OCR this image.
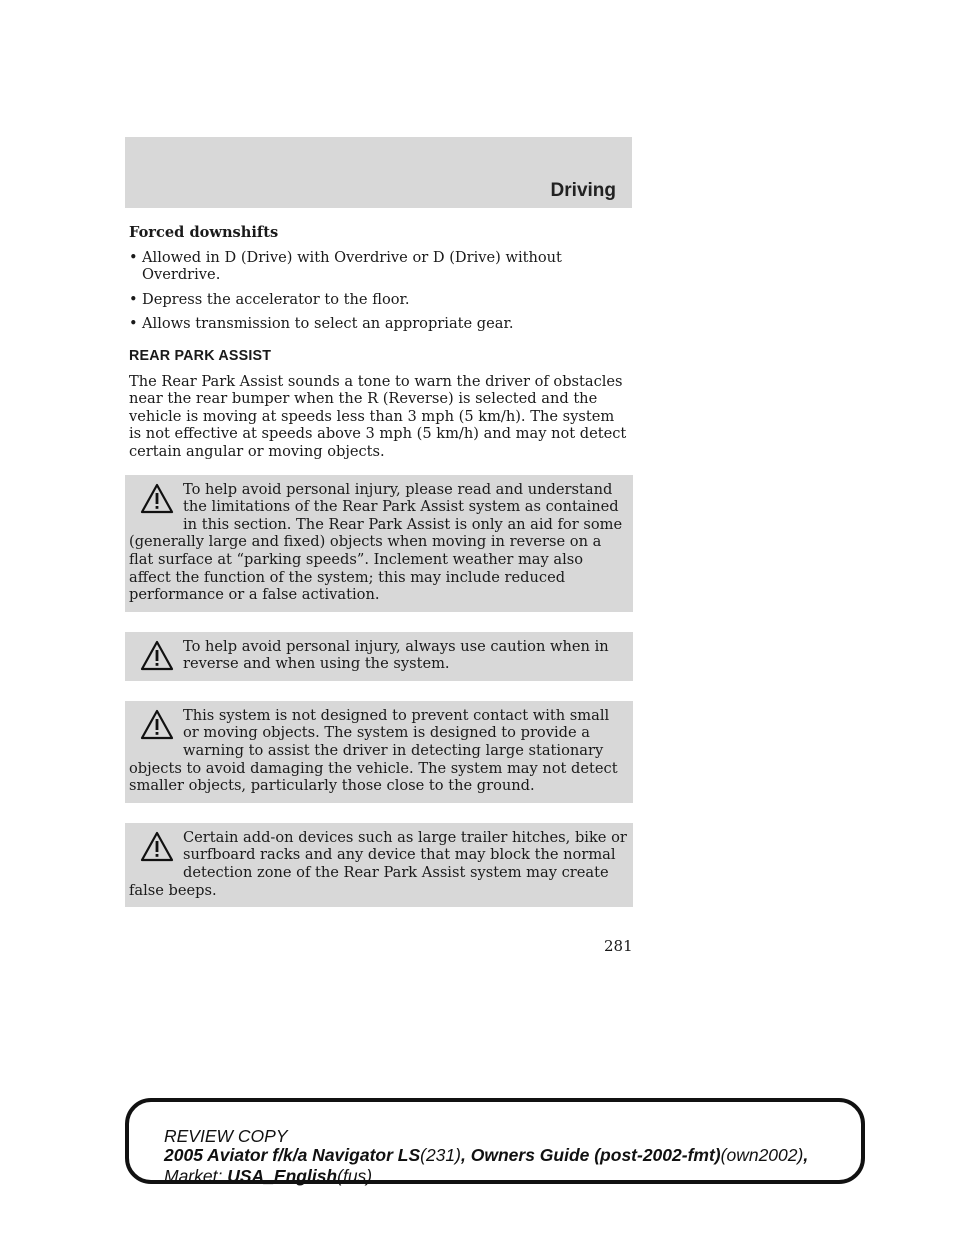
Driving

Forced downshifts

• Allowed in D (Drive) with Overdrive or D (Drive) without Overdrive.
• Depress the accelerator to the floor.
• Allows transmission to select an appropriate gear.
REAR PARK ASSIST

The Rear Park Assist sounds a tone to warn the driver of obstacles near the rear bumper when the R (Reverse) is selected and the vehicle is moving at speeds less than 3 mph (5 km/h). The system is not effective at speeds above 3 mph (5 km/h) and may not detect certain angular or moving objects.

To help avoid personal injury, please read and understand the limitations of the Rear Park Assist system as contained in this section. The Rear Park Assist is only an aid for some (generally large and fixed) objects when moving in reverse on a flat surface at “parking speeds”. Inclement weather may also affect the function of the system; this may include reduced performance or a false activation.

To help avoid personal injury, always use caution when in reverse and when using the system.

This system is not designed to prevent contact with small or moving objects. The system is designed to provide a warning to assist the driver in detecting large stationary objects to avoid damaging the vehicle. The system may not detect smaller objects, particularly those close to the ground.

Certain add-on devices such as large trailer hitches, bike or surfboard racks and any device that may block the normal detection zone of the Rear Park Assist system may create false beeps.

281
REVIEW COPY
2005 Aviator f/k/a Navigator LS(231), Owners Guide (post-2002-fmt)(own2002),
Market: USA_English(fus)
